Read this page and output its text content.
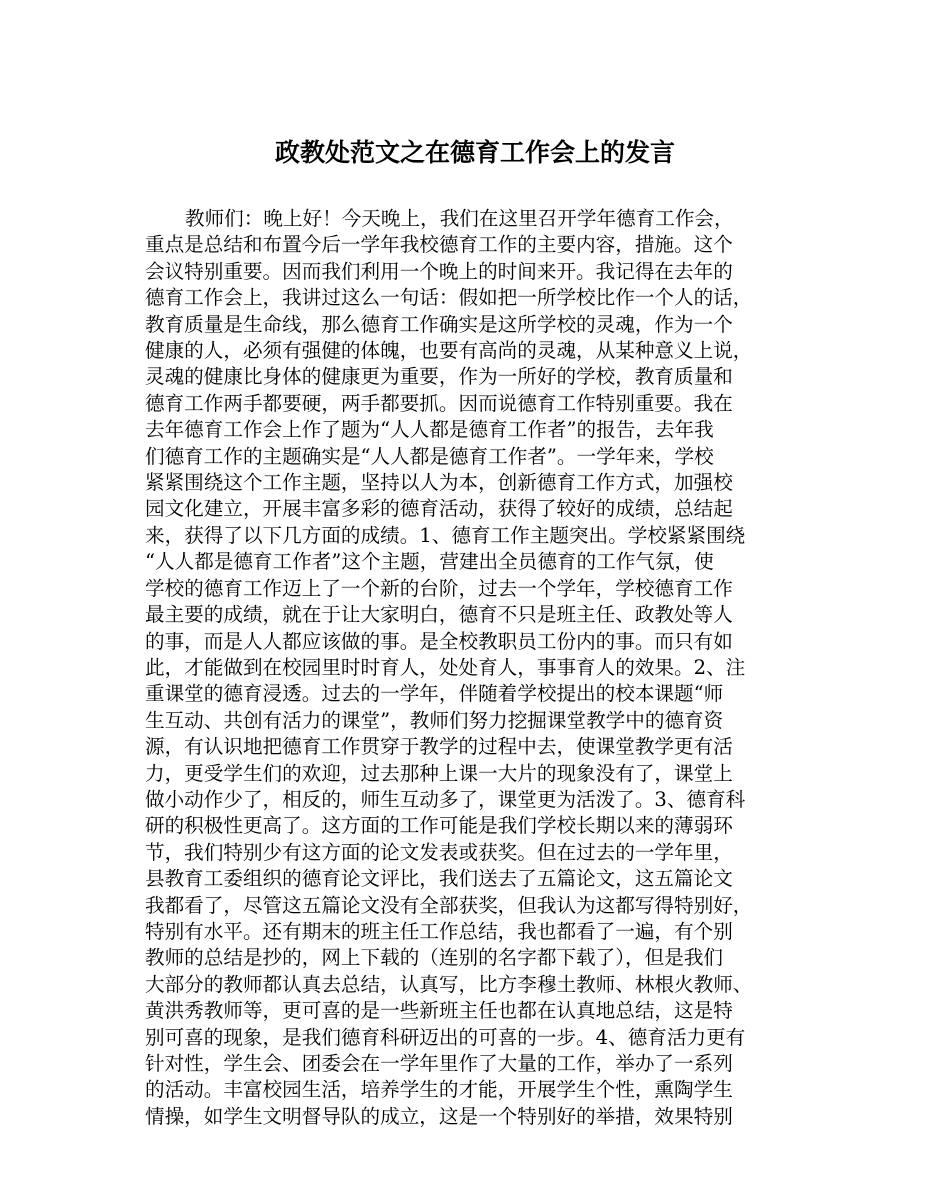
政教处范文之在德育工作会上的发言
教师们：晚上好！今天晚上，我们在这里召开学年德育工作会，
重点是总结和布置今后一学年我校德育工作的主要内容，措施。这个
会议特别重要。因而我们利用一个晚上的时间来开。我记得在去年的
德育工作会上，我讲过这么一句话：假如把一所学校比作一个人的话，
教育质量是生命线，那么德育工作确实是这所学校的灵魂，作为一个
健康的人，必须有强健的体魄，也要有高尚的灵魂，从某种意义上说，
灵魂的健康比身体的健康更为重要，作为一所好的学校，教育质量和
德育工作两手都要硬，两手都要抓。因而说德育工作特别重要。我在
去年德育工作会上作了题为“人人都是德育工作者”的报告，去年我
们德育工作的主题确实是“人人都是德育工作者”。一学年来，学校
紧紧围绕这个工作主题，坚持以人为本，创新德育工作方式，加强校
园文化建立，开展丰富多彩的德育活动，获得了较好的成绩，总结起
来，获得了以下几方面的成绩。1、德育工作主题突出。学校紧紧围绕
“人人都是德育工作者”这个主题，营建出全员德育的工作气氛，使
学校的德育工作迈上了一个新的台阶，过去一个学年，学校德育工作
最主要的成绩，就在于让大家明白，德育不只是班主任、政教处等人
的事，而是人人都应该做的事。是全校教职员工份内的事。而只有如
此，才能做到在校园里时时育人，处处育人，事事育人的效果。2、注
重课堂的德育浸透。过去的一学年，伴随着学校提出的校本课题“师
生互动、共创有活力的课堂”，教师们努力挖掘课堂教学中的德育资
源，有认识地把德育工作贯穿于教学的过程中去，使课堂教学更有活
力，更受学生们的欢迎，过去那种上课一大片的现象没有了，课堂上
做小动作少了，相反的，师生互动多了，课堂更为活泼了。3、德育科
研的积极性更高了。这方面的工作可能是我们学校长期以来的薄弱环
节，我们特别少有这方面的论文发表或获奖。但在过去的一学年里，
县教育工委组织的德育论文评比，我们送去了五篇论文，这五篇论文
我都看了，尽管这五篇论文没有全部获奖，但我认为这都写得特别好，
特别有水平。还有期末的班主任工作总结，我也都看了一遍，有个别
教师的总结是抄的，网上下载的（连别的名字都下载了），但是我们
大部分的教师都认真去总结，认真写，比方李穆土教师、林根火教师、
黄洪秀教师等，更可喜的是一些新班主任也都在认真地总结，这是特
别可喜的现象，是我们德育科研迈出的可喜的一步。4、德育活力更有
针对性，学生会、团委会在一学年里作了大量的工作，举办了一系列
的活动。丰富校园生活，培养学生的才能，开展学生个性，熏陶学生
情操，如学生文明督导队的成立，这是一个特别好的举措，效果特别
